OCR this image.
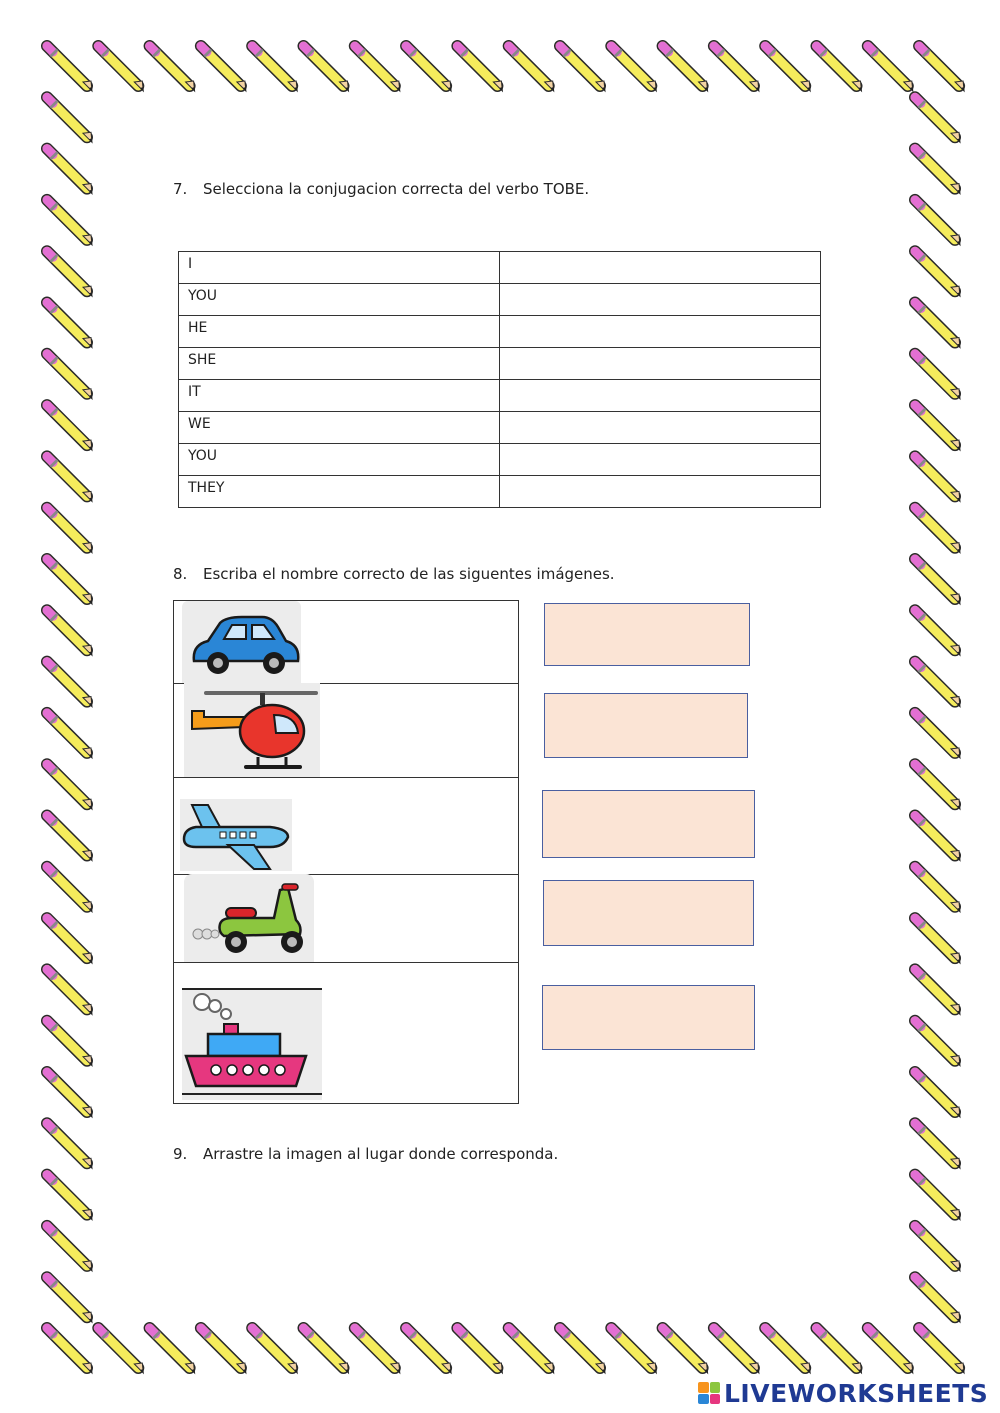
7. Selecciona la conjugacion correcta del verbo TOBE.
I	
YOU	
HE	
SHE	
IT	
WE	
YOU	
THEY	
8. Escriba el nombre correcto de las siguentes imágenes.
9. Arrastre la imagen al lugar donde corresponda.
LIVEWORKSHEETS
